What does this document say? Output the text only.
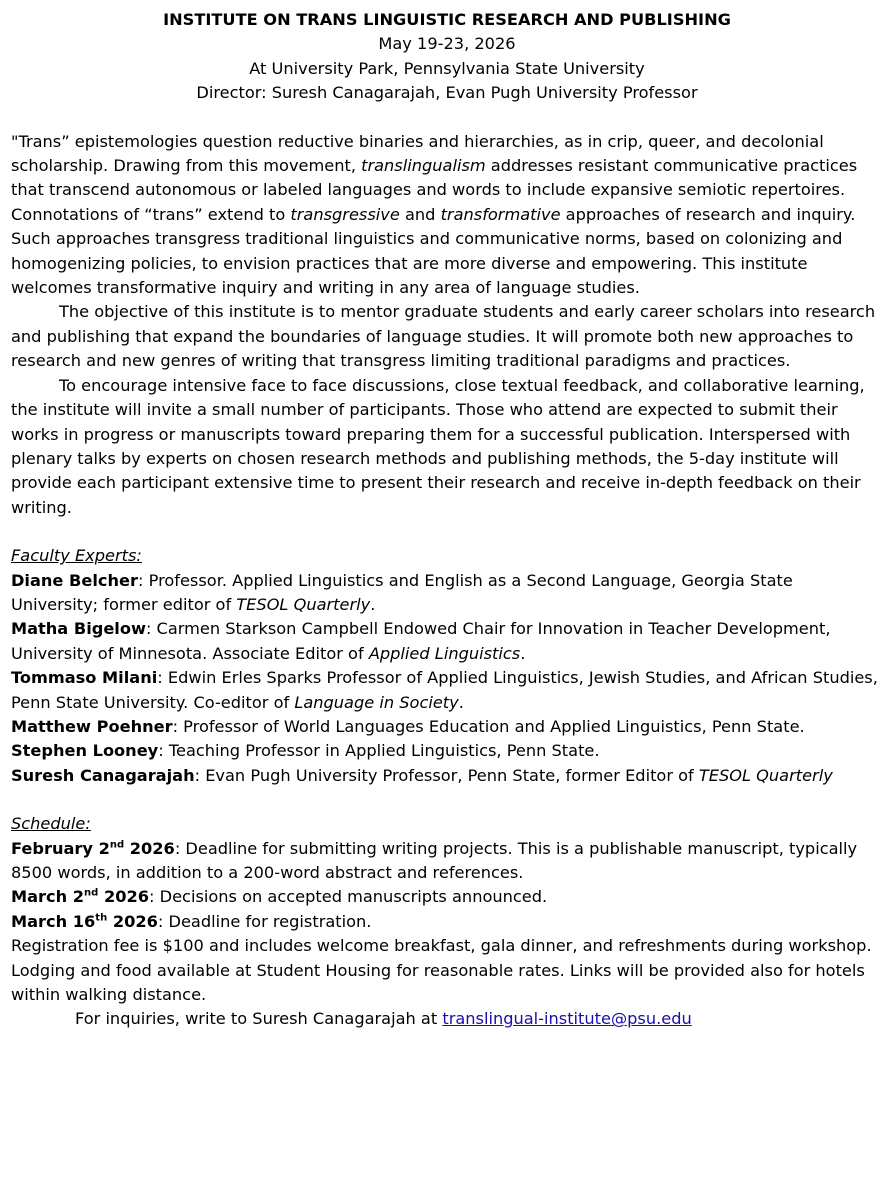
INSTITUTE ON TRANS LINGUISTIC RESEARCH AND PUBLISHING
May 19-23, 2026
At University Park, Pennsylvania State University
Director: Suresh Canagarajah, Evan Pugh University Professor

"Trans” epistemologies question reductive binaries and hierarchies, as in crip, queer, and decolonial scholarship. Drawing from this movement, translingualism addresses resistant communicative practices that transcend autonomous or labeled languages and words to include expansive semiotic repertoires. Connotations of “trans” extend to transgressive and transformative approaches of research and inquiry. Such approaches transgress traditional linguistics and communicative norms, based on colonizing and homogenizing policies, to envision practices that are more diverse and empowering. This institute welcomes transformative inquiry and writing in any area of language studies.

The objective of this institute is to mentor graduate students and early career scholars into research and publishing that expand the boundaries of language studies. It will promote both new approaches to research and new genres of writing that transgress limiting traditional paradigms and practices.

To encourage intensive face to face discussions, close textual feedback, and collaborative learning, the institute will invite a small number of participants. Those who attend are expected to submit their works in progress or manuscripts toward preparing them for a successful publication. Interspersed with plenary talks by experts on chosen research methods and publishing methods, the 5-day institute will provide each participant extensive time to present their research and receive in-depth feedback on their writing.

Faculty Experts:

Diane Belcher: Professor. Applied Linguistics and English as a Second Language, Georgia State University; former editor of TESOL Quarterly.

Matha Bigelow: Carmen Starkson Campbell Endowed Chair for Innovation in Teacher Development, University of Minnesota. Associate Editor of Applied Linguistics.

Tommaso Milani: Edwin Erles Sparks Professor of Applied Linguistics, Jewish Studies, and African Studies, Penn State University. Co-editor of Language in Society.

Matthew Poehner: Professor of World Languages Education and Applied Linguistics, Penn State.

Stephen Looney: Teaching Professor in Applied Linguistics, Penn State.

Suresh Canagarajah: Evan Pugh University Professor, Penn State, former Editor of TESOL Quarterly

Schedule:

February 2nd 2026: Deadline for submitting writing projects. This is a publishable manuscript, typically 8500 words, in addition to a 200-word abstract and references.

March 2nd 2026: Decisions on accepted manuscripts announced.

March 16th 2026: Deadline for registration.

Registration fee is $100 and includes welcome breakfast, gala dinner, and refreshments during workshop.

Lodging and food available at Student Housing for reasonable rates. Links will be provided also for hotels within walking distance.

For inquiries, write to Suresh Canagarajah at translingual-institute@psu.edu
